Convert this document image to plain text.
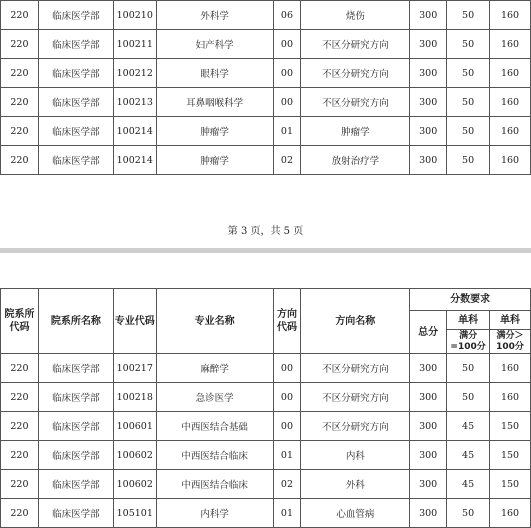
220	临床医学部	100210	外科学	06	烧伤	300	50	160
220	临床医学部	100211	妇产科学	00	不区分研究方向	300	50	160
220	临床医学部	100212	眼科学	00	不区分研究方向	300	50	160
220	临床医学部	100213	耳鼻咽喉科学	00	不区分研究方向	300	50	160
220	临床医学部	100214	肿瘤学	01	肿瘤学	300	50	160
220	临床医学部	100214	肿瘤学	02	放射治疗学	300	50	160
第 3 页，共 5 页
院系所代码	院系所名称	专业代码	专业名称	方向代码	方向名称	分数要求		
						总分	单科	单科
							满分=100分	满分＞100分
220	临床医学部	100217	麻醉学	00	不区分研究方向	300	50	160
220	临床医学部	100218	急诊医学	00	不区分研究方向	300	50	160
220	临床医学部	100601	中西医结合基础	00	不区分研究方向	300	45	150
220	临床医学部	100602	中西医结合临床	01	内科	300	45	150
220	临床医学部	100602	中西医结合临床	02	外科	300	45	150
220	临床医学部	105101	内科学	01	心血管病	300	50	160
